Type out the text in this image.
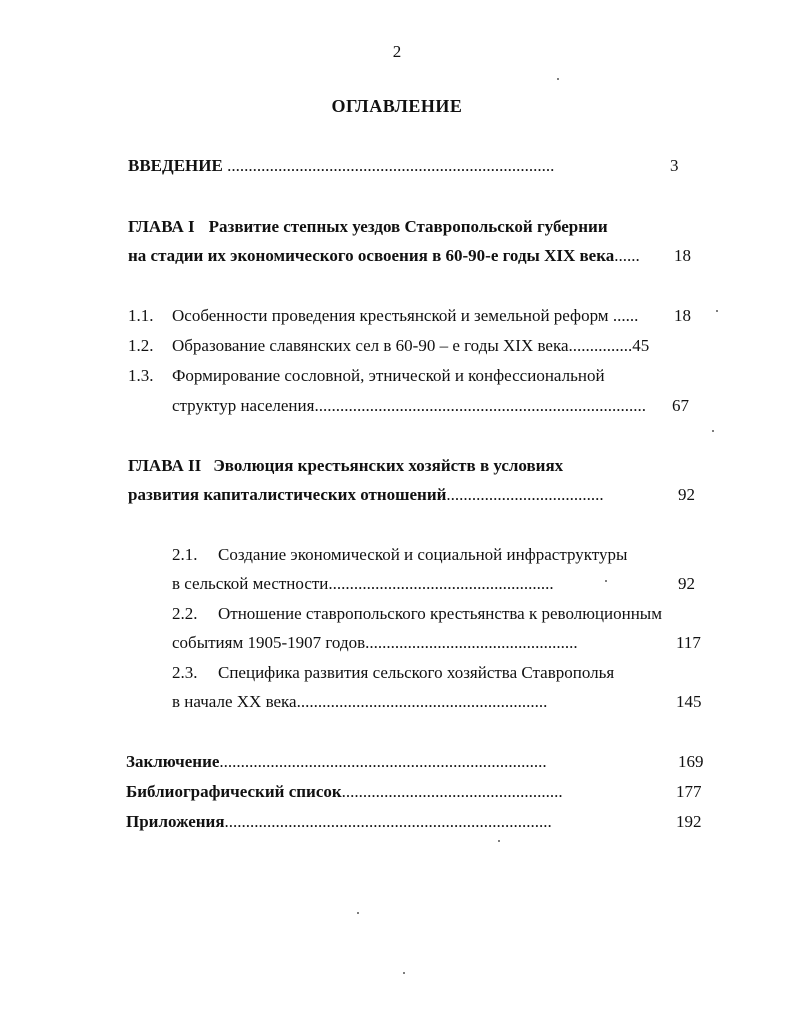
2
ОГЛАВЛЕНИЕ
ВВЕДЕНИЕ .............................................................................	3
ГЛАВА I Развитие степных уездов Ставропольской губернии
на стадии их экономического освоения в 60-90-е годы XIX века...... 18
1.1. Особенности проведения крестьянской и земельной реформ ...... 18
1.2. Образование славянских сел в 60-90 – е годы XIX века...............45
1.3. Формирование сословной, этнической и конфессиональной
структур населения..............................................................................	67
ГЛАВА II Эволюция крестьянских хозяйств в условиях
развития капиталистических отношений.....................................	92
2.1. Создание экономической и социальной инфраструктуры
в сельской местности.....................................................	92
2.2. Отношение ставропольского крестьянства к революционным
событиям 1905-1907 годов..................................................	117
2.3. Специфика развития сельского хозяйства Ставрополья
в начале XX века...........................................................	145
Заключение.............................................................................	169
Библиографический список....................................................	177
Приложения.............................................................................	192
